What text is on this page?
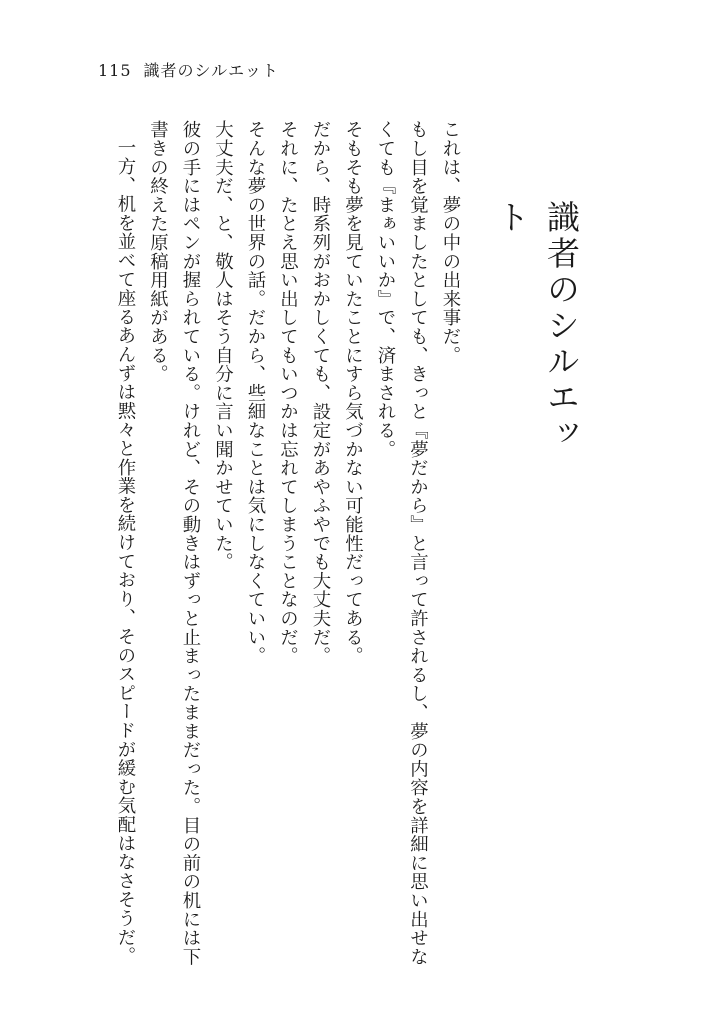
115 識者のシルエット
識者のシルエット

これは、夢の中の出来事だ。

もし目を覚ましたとしても、きっと『夢だから』と言って許されるし、夢の内容を詳細に思い出せなくても『まぁいいか』で、済まされる。

そもそも夢を見ていたことにすら気づかない可能性だってある。

だから、時系列がおかしくても、設定があやふやでも大丈夫だ。

それに、たとえ思い出してもいつかは忘れてしまうことなのだ。

そんな夢の世界の話。だから、些細なことは気にしなくていい。

大丈夫だ、と、敬人はそう自分に言い聞かせていた。

彼の手にはペンが握られている。けれど、その動きはずっと止まったままだった。目の前の机には下書きの終えた原稿用紙がある。

一方、机を並べて座るあんずは黙々と作業を続けており、そのスピードが緩む気配はなさそうだ。
